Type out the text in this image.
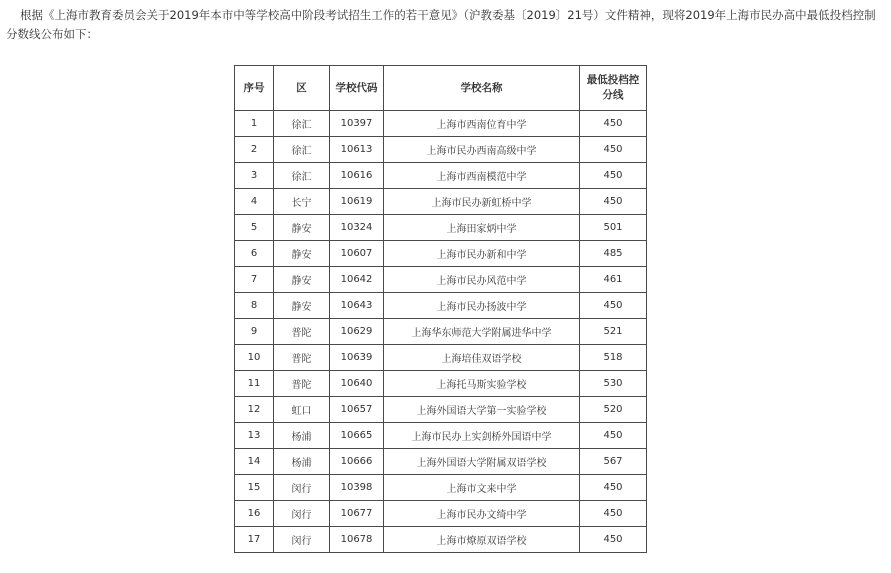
根据《上海市教育委员会关于2019年本市中等学校高中阶段考试招生工作的若干意见》（沪教委基〔2019〕21号）文件精神，现将2019年上海市民办高中最低投档控制分数线公布如下：

序号	区	学校代码	学校名称	最低投档控分线
1	徐汇	10397	上海市西南位育中学	450
2	徐汇	10613	上海市民办西南高级中学	450
3	徐汇	10616	上海市西南模范中学	450
4	长宁	10619	上海市民办新虹桥中学	450
5	静安	10324	上海田家炳中学	501
6	静安	10607	上海市民办新和中学	485
7	静安	10642	上海市民办风范中学	461
8	静安	10643	上海市民办扬波中学	450
9	普陀	10629	上海华东师范大学附属进华中学	521
10	普陀	10639	上海培佳双语学校	518
11	普陀	10640	上海托马斯实验学校	530
12	虹口	10657	上海外国语大学第一实验学校	520
13	杨浦	10665	上海市民办上实剑桥外国语中学	450
14	杨浦	10666	上海外国语大学附属双语学校	567
15	闵行	10398	上海市文来中学	450
16	闵行	10677	上海市民办文绮中学	450
17	闵行	10678	上海市燎原双语学校	450
